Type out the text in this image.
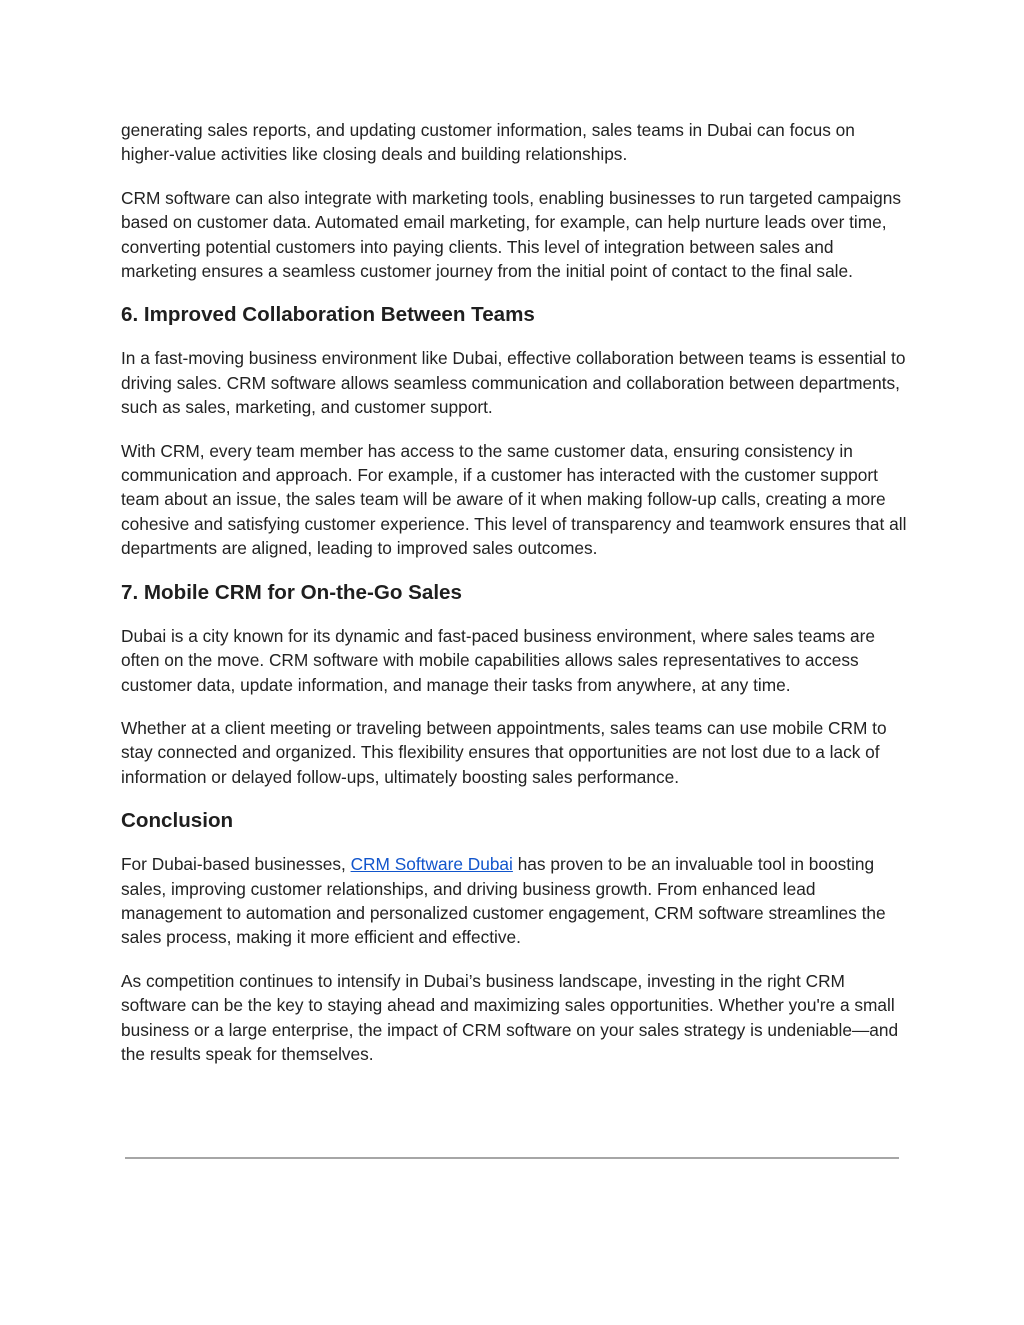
generating sales reports, and updating customer information, sales teams in Dubai can focus on higher-value activities like closing deals and building relationships.

CRM software can also integrate with marketing tools, enabling businesses to run targeted campaigns based on customer data. Automated email marketing, for example, can help nurture leads over time, converting potential customers into paying clients. This level of integration between sales and marketing ensures a seamless customer journey from the initial point of contact to the final sale.

6. Improved Collaboration Between Teams

In a fast-moving business environment like Dubai, effective collaboration between teams is essential to driving sales. CRM software allows seamless communication and collaboration between departments, such as sales, marketing, and customer support.

With CRM, every team member has access to the same customer data, ensuring consistency in communication and approach. For example, if a customer has interacted with the customer support team about an issue, the sales team will be aware of it when making follow-up calls, creating a more cohesive and satisfying customer experience. This level of transparency and teamwork ensures that all departments are aligned, leading to improved sales outcomes.

7. Mobile CRM for On-the-Go Sales

Dubai is a city known for its dynamic and fast-paced business environment, where sales teams are often on the move. CRM software with mobile capabilities allows sales representatives to access customer data, update information, and manage their tasks from anywhere, at any time.

Whether at a client meeting or traveling between appointments, sales teams can use mobile CRM to stay connected and organized. This flexibility ensures that opportunities are not lost due to a lack of information or delayed follow-ups, ultimately boosting sales performance.

Conclusion

For Dubai-based businesses, CRM Software Dubai has proven to be an invaluable tool in boosting sales, improving customer relationships, and driving business growth. From enhanced lead management to automation and personalized customer engagement, CRM software streamlines the sales process, making it more efficient and effective.

As competition continues to intensify in Dubai’s business landscape, investing in the right CRM software can be the key to staying ahead and maximizing sales opportunities. Whether you're a small business or a large enterprise, the impact of CRM software on your sales strategy is undeniable—and the results speak for themselves.
